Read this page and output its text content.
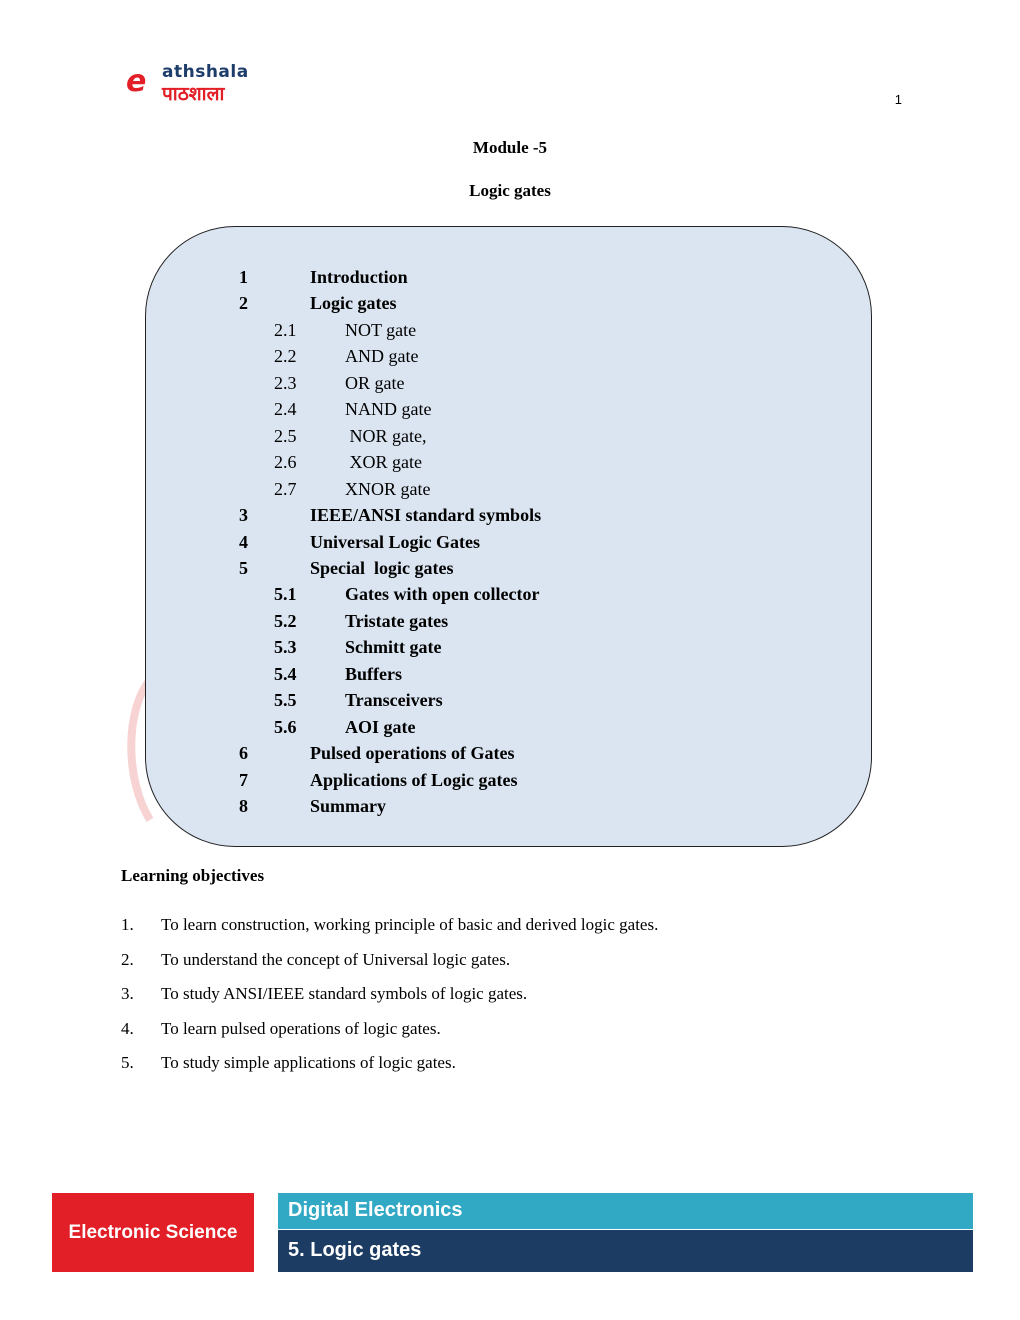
e athshala
पाठशाला	1
Module -5
Logic gates
1	Introduction
2	Logic gates
2.1	NOT gate
2.2	AND gate
2.3	OR gate
2.4	NAND gate
2.5	NOR gate,
2.6	XOR gate
2.7	XNOR gate
3	IEEE/ANSI standard symbols
4	Universal Logic Gates
5	Special  logic gates
5.1	Gates with open collector
5.2	Tristate gates
5.3	Schmitt gate
5.4	Buffers
5.5	Transceivers
5.6	AOI gate
6	Pulsed operations of Gates
7	Applications of Logic gates
8	Summary
Learning objectives
1. To learn construction, working principle of basic and derived logic gates.
2. To understand the concept of Universal logic gates.
3. To study ANSI/IEEE standard symbols of logic gates.
4. To learn pulsed operations of logic gates.
5. To study simple applications of logic gates.
Electronic Science
Digital Electronics
5. Logic gates
